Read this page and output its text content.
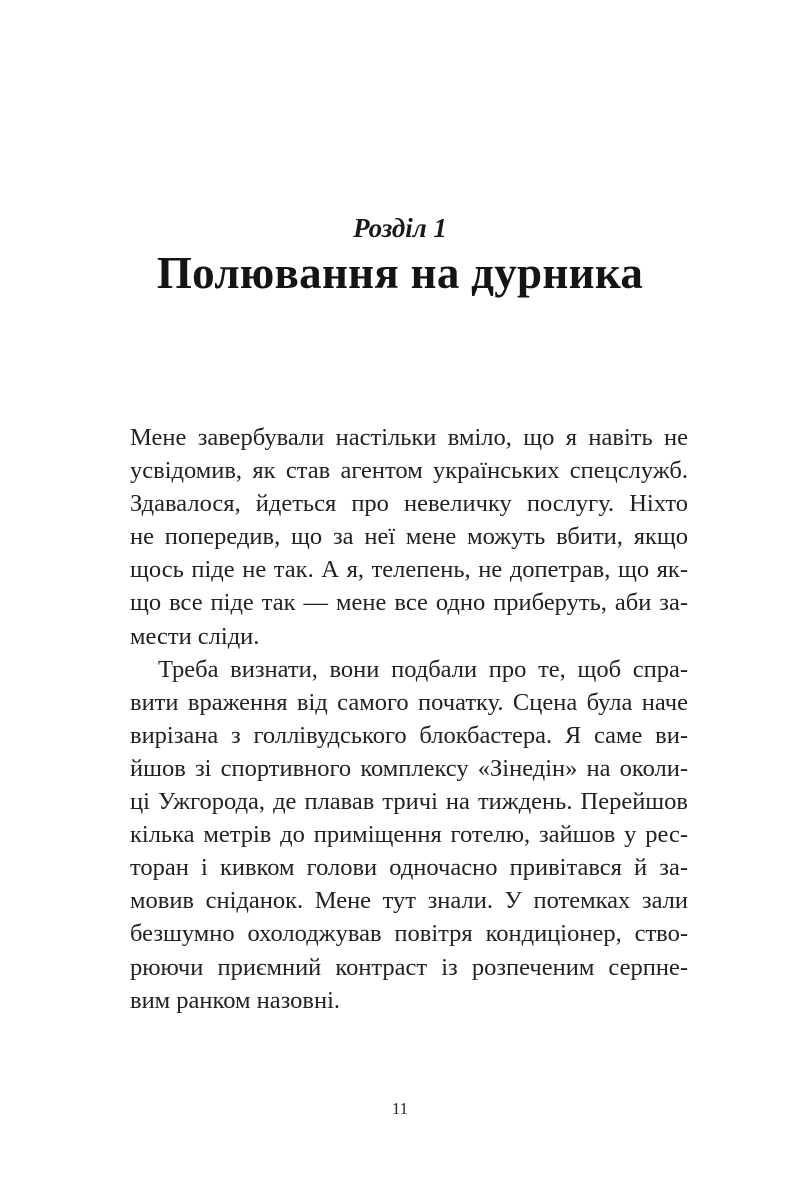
Розділ 1
Полювання на дурника
Мене завербували настільки вміло, що я навіть не
усвідомив, як став агентом українських спецслужб.
Здавалося, йдеться про невеличку послугу. Ніхто
не попередив, що за неї мене можуть вбити, якщо
щось піде не так. А я, телепень, не допетрав, що як-
що все піде так — мене все одно приберуть, аби за-
мести сліди.
Треба визнати, вони подбали про те, щоб спра-
вити враження від самого початку. Сцена була наче
вирізана з голлівудського блокбастера. Я саме ви-
йшов зі спортивного комплексу «Зінедін» на околи-
ці Ужгорода, де плавав тричі на тиждень. Перейшов
кілька метрів до приміщення готелю, зайшов у рес-
торан і кивком голови одночасно привітався й за-
мовив сніданок. Мене тут знали. У потемках зали
безшумно охолоджував повітря кондиціонер, ство-
рюючи приємний контраст із розпеченим серпне-
вим ранком назовні.
11
